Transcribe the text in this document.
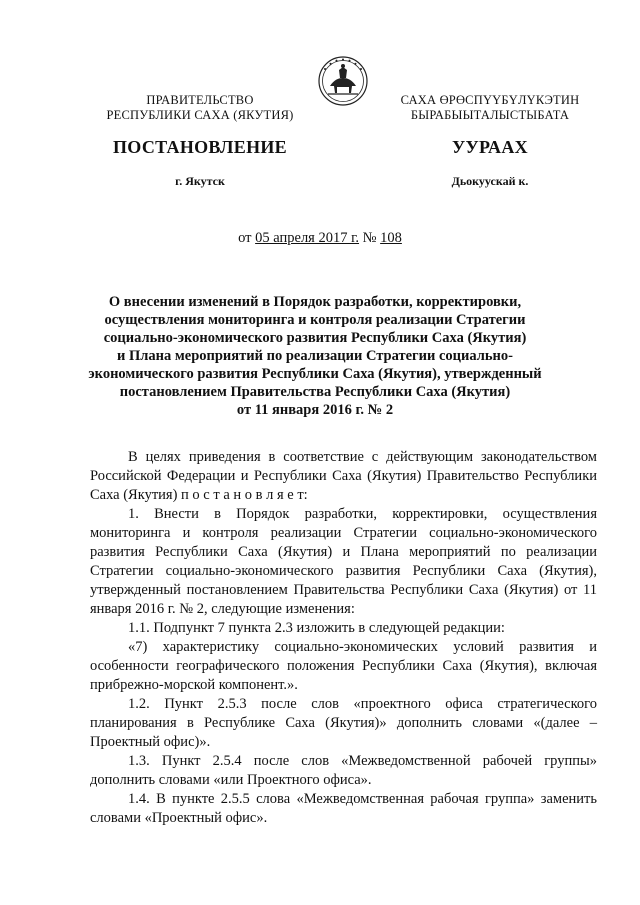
ПРАВИТЕЛЬСТВО
РЕСПУБЛИКИ САХА (ЯКУТИЯ)
САХА ӨРӨСПҮҮБҮЛҮКЭТИН
БЫРАБЫЫТАЛЫСТЫБАТА
ПОСТАНОВЛЕНИЕ	УУРААХ
г. Якутск	Дьокуускай к.
от 05 апреля 2017 г. № 108
О внесении изменений в Порядок разработки, корректировки,
осуществления мониторинга и контроля реализации Стратегии
социально-экономического развития Республики Саха (Якутия)
и Плана мероприятий по реализации Стратегии социально-
экономического развития Республики Саха (Якутия), утвержденный
постановлением Правительства Республики Саха (Якутия)
от 11 января 2016 г. № 2

В целях приведения в соответствие с действующим законодательством Российской Федерации и Республики Саха (Якутия) Правительство Республики Саха (Якутия) п о с т а н о в л я е т:

1. Внести в Порядок разработки, корректировки, осуществления мониторинга и контроля реализации Стратегии социально-экономического развития Республики Саха (Якутия) и Плана мероприятий по реализации Стратегии социально-экономического развития Республики Саха (Якутия), утвержденный постановлением Правительства Республики Саха (Якутия) от 11 января 2016 г. № 2, следующие изменения:

1.1. Подпункт 7 пункта 2.3 изложить в следующей редакции:

«7) характеристику социально-экономических условий развития и особенности географического положения Республики Саха (Якутия), включая прибрежно-морской компонент.».

1.2. Пункт 2.5.3 после слов «проектного офиса стратегического планирования в Республике Саха (Якутия)» дополнить словами «(далее – Проектный офис)».

1.3. Пункт 2.5.4 после слов «Межведомственной рабочей группы» дополнить словами «или Проектного офиса».

1.4. В пункте 2.5.5 слова «Межведомственная рабочая группа» заменить словами «Проектный офис».
